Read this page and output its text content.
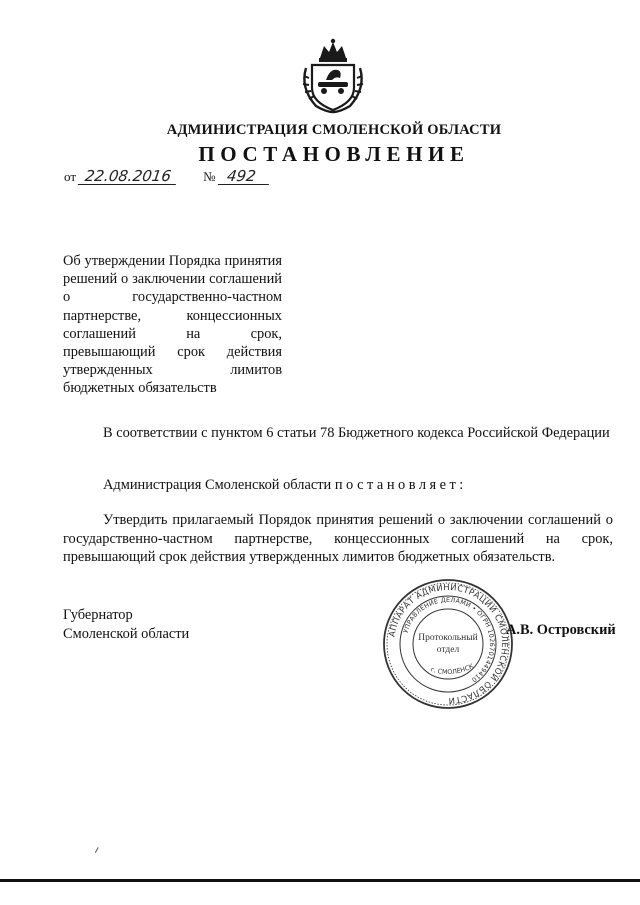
АДМИНИСТРАЦИЯ СМОЛЕНСКОЙ ОБЛАСТИ
ПОСТАНОВЛЕНИЕ
от 22.08.2016 № 492
Об утверждении Порядка принятия решений о заключении соглашений о государственно-частном партнерстве, концессионных соглашений на срок, превышающий срок действия утвержденных лимитов бюджетных обязательств
В соответствии с пунктом 6 статьи 78 Бюджетного кодекса Российской Федерации
Администрация Смоленской области постановляет:
Утвердить прилагаемый Порядок принятия решений о заключении соглашений о государственно-частном партнерстве, концессионных соглашений на срок, превышающий срок действия утвержденных лимитов бюджетных обязательств.
Губернатор
Смоленской области	АППАРАТ АДМИНИСТРАЦИИ СМОЛЕНСКОЙ ОБЛАСТИ
УПРАВЛЕНИЕ ДЕЛАМИ • ОГРН 1026701449410
Протокольный
отдел
г. СМОЛЕНСК
А.В. Островский
